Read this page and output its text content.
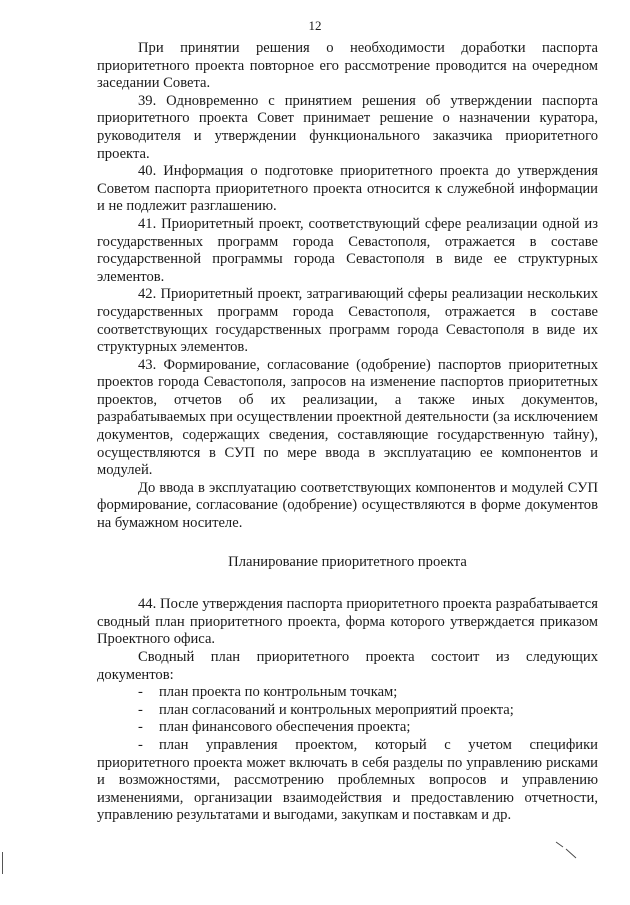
12

При принятии решения о необходимости доработки паспорта приоритетного проекта повторное его рассмотрение проводится на очередном заседании Совета.

39. Одновременно с принятием решения об утверждении паспорта приоритетного проекта Совет принимает решение о назначении куратора, руководителя и утверждении функционального заказчика приоритетного проекта.

40. Информация о подготовке приоритетного проекта до утверждения Советом паспорта приоритетного проекта относится к служебной информации и не подлежит разглашению.

41. Приоритетный проект, соответствующий сфере реализации одной из государственных программ города Севастополя, отражается в составе государственной программы города Севастополя в виде ее структурных элементов.

42. Приоритетный проект, затрагивающий сферы реализации нескольких государственных программ города Севастополя, отражается в составе соответствующих государственных программ города Севастополя в виде их структурных элементов.

43. Формирование, согласование (одобрение) паспортов приоритетных проектов города Севастополя, запросов на изменение паспортов приоритетных проектов, отчетов об их реализации, а также иных документов, разрабатываемых при осуществлении проектной деятельности (за исключением документов, содержащих сведения, составляющие государственную тайну), осуществляются в СУП по мере ввода в эксплуатацию ее компонентов и модулей.

До ввода в эксплуатацию соответствующих компонентов и модулей СУП формирование, согласование (одобрение) осуществляются в форме документов на бумажном носителе.

Планирование приоритетного проекта

44. После утверждения паспорта приоритетного проекта разрабатывается сводный план приоритетного проекта, форма которого утверждается приказом Проектного офиса.

Сводный план приоритетного проекта состоит из следующих документов:

- план проекта по контрольным точкам;
- план согласований и контрольных мероприятий проекта;
- план финансового обеспечения проекта;
- план управления проектом, который с учетом специфики приоритетного проекта может включать в себя разделы по управлению рисками и возможностями, рассмотрению проблемных вопросов и управлению изменениями, организации взаимодействия и предоставлению отчетности, управлению результатами и выгодами, закупкам и поставкам и др.
